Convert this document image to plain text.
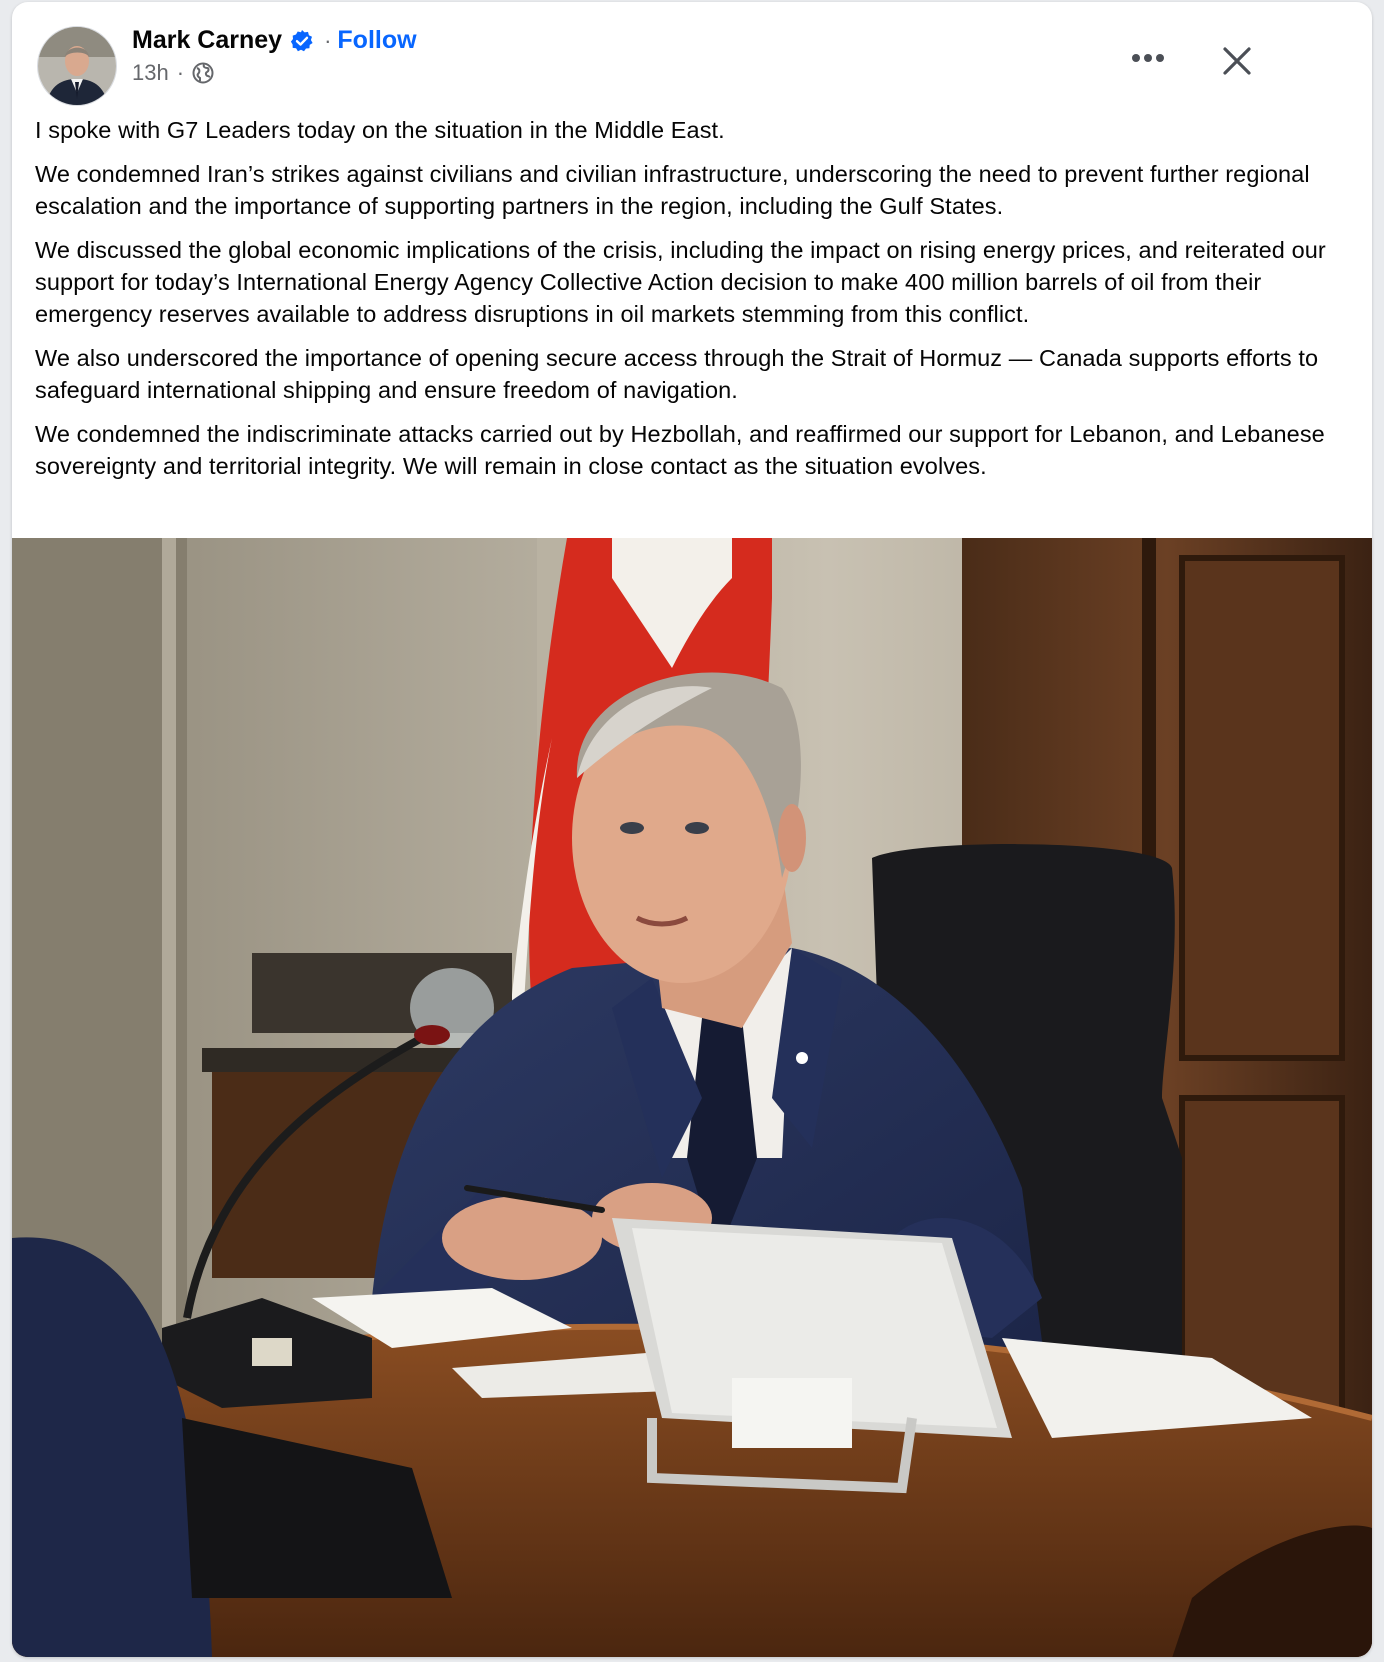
Mark Carney · Follow
13h ·

I spoke with G7 Leaders today on the situation in the Middle East.

We condemned Iran’s strikes against civilians and civilian infrastructure, underscoring the need to prevent further regional escalation and the importance of supporting partners in the region, including the Gulf States.

We discussed the global economic implications of the crisis, including the impact on rising energy prices, and reiterated our support for today’s International Energy Agency Collective Action decision to make 400 million barrels of oil from their emergency reserves available to address disruptions in oil markets stemming from this conflict.

We also underscored the importance of opening secure access through the Strait of Hormuz — Canada supports efforts to safeguard international shipping and ensure freedom of navigation.

We condemned the indiscriminate attacks carried out by Hezbollah, and reaffirmed our support for Lebanon, and Lebanese sovereignty and territorial integrity. We will remain in close contact as the situation evolves.
